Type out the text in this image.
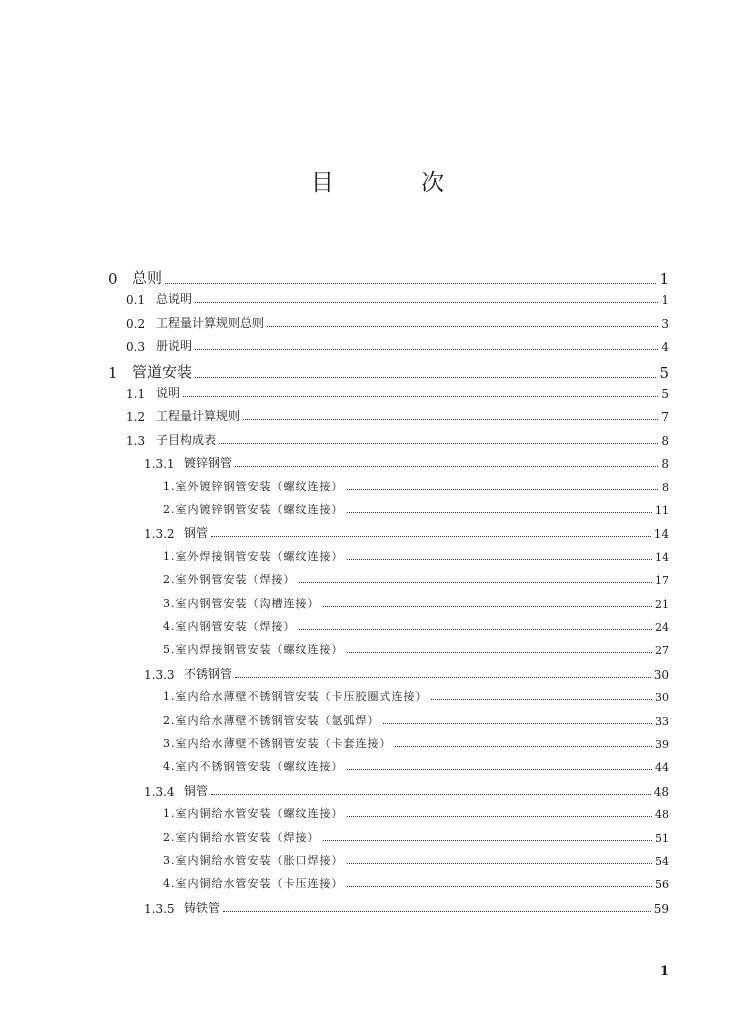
目 次
0 总则	1
0.1 总说明	1
0.2 工程量计算规则总则	3
0.3 册说明	4
1 管道安装	5
1.1 说明	5
1.2 工程量计算规则	7
1.3 子目构成表	8
1.3.1 镀锌钢管	8
1.室外镀锌钢管安装（螺纹连接）	8
2.室内镀锌钢管安装（螺纹连接）	11
1.3.2 钢管	14
1.室外焊接钢管安装（螺纹连接）	14
2.室外钢管安装（焊接）	17
3.室内钢管安装（沟槽连接）	21
4.室内钢管安装（焊接）	24
5.室内焊接钢管安装（螺纹连接）	27
1.3.3 不锈钢管	30
1.室内给水薄壁不锈钢管安装（卡压胶圈式连接）	30
2.室内给水薄壁不锈钢管安装（氩弧焊）	33
3.室内给水薄壁不锈钢管安装（卡套连接）	39
4.室内不锈钢管安装（螺纹连接）	44
1.3.4 铜管	48
1.室内铜给水管安装（螺纹连接）	48
2.室内铜给水管安装（焊接）	51
3.室内铜给水管安装（胀口焊接）	54
4.室内铜给水管安装（卡压连接）	56
1.3.5 铸铁管	59
1
